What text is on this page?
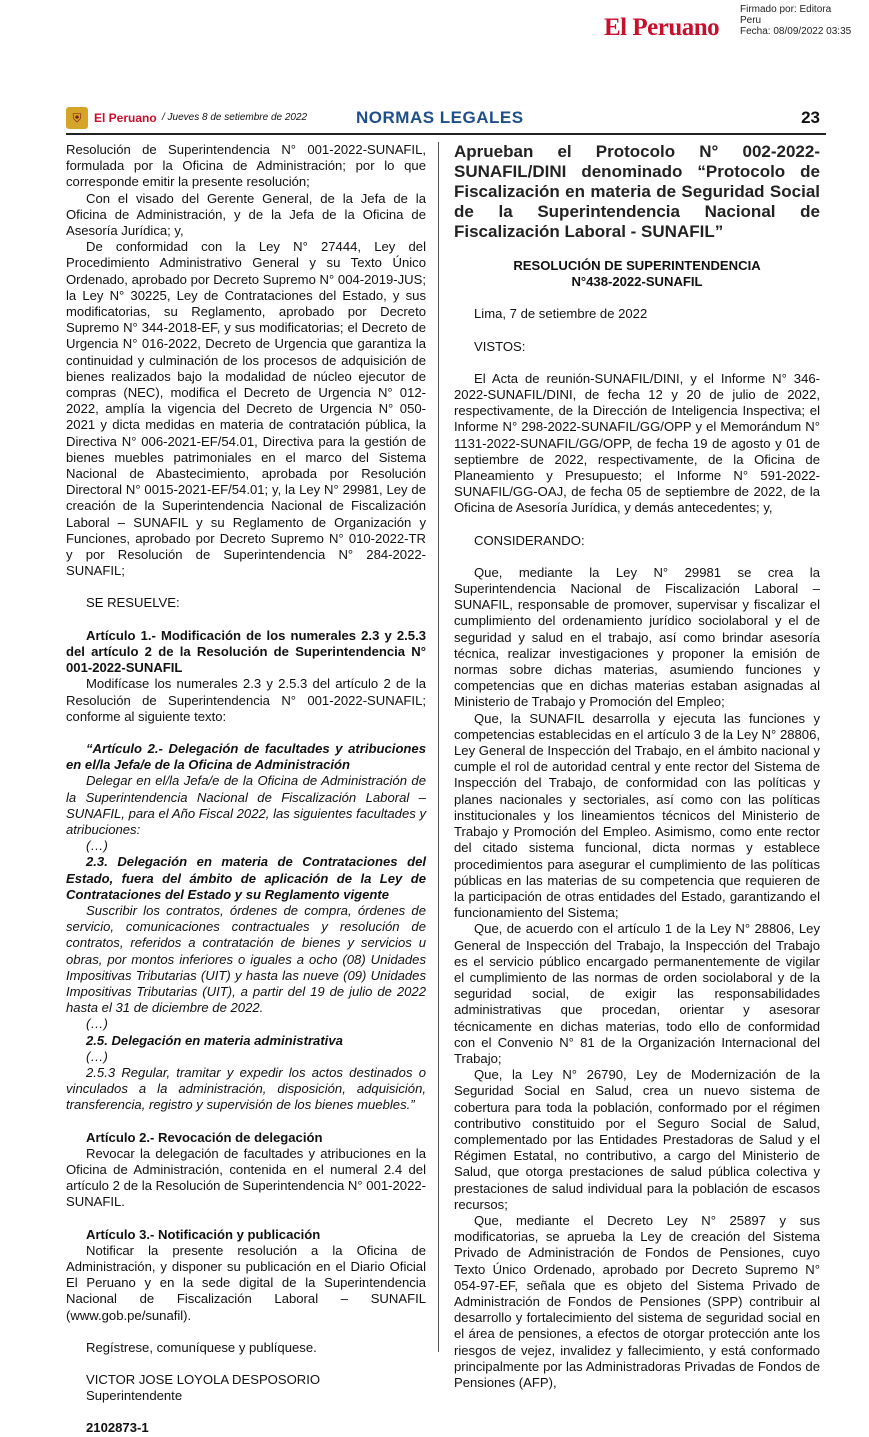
El Peruano
Firmado por: Editora
Peru
Fecha: 08/09/2022 03:35
⛨	El Peruano / Jueves 8 de setiembre de 2022	NORMAS LEGALES	23

Resolución de Superintendencia N° 001-2022-SUNAFIL, formulada por la Oficina de Administración; por lo que corresponde emitir la presente resolución;

Con el visado del Gerente General, de la Jefa de la Oficina de Administración, y de la Jefa de la Oficina de Asesoría Jurídica; y,

De conformidad con la Ley N° 27444, Ley del Procedimiento Administrativo General y su Texto Único Ordenado, aprobado por Decreto Supremo N° 004-2019-JUS; la Ley N° 30225, Ley de Contrataciones del Estado, y sus modificatorias, su Reglamento, aprobado por Decreto Supremo N° 344-2018-EF, y sus modificatorias; el Decreto de Urgencia N° 016-2022, Decreto de Urgencia que garantiza la continuidad y culminación de los procesos de adquisición de bienes realizados bajo la modalidad de núcleo ejecutor de compras (NEC), modifica el Decreto de Urgencia N° 012-2022, amplía la vigencia del Decreto de Urgencia N° 050-2021 y dicta medidas en materia de contratación pública, la Directiva N° 006-2021-EF/54.01, Directiva para la gestión de bienes muebles patrimoniales en el marco del Sistema Nacional de Abastecimiento, aprobada por Resolución Directoral N° 0015-2021-EF/54.01; y, la Ley N° 29981, Ley de creación de la Superintendencia Nacional de Fiscalización Laboral – SUNAFIL y su Reglamento de Organización y Funciones, aprobado por Decreto Supremo N° 010-2022-TR y por Resolución de Superintendencia N° 284-2022-SUNAFIL;

SE RESUELVE:

Artículo 1.- Modificación de los numerales 2.3 y 2.5.3 del artículo 2 de la Resolución de Superintendencia N° 001-2022-SUNAFIL

Modifícase los numerales 2.3 y 2.5.3 del artículo 2 de la Resolución de Superintendencia N° 001-2022-SUNAFIL; conforme al siguiente texto:

“Artículo 2.- Delegación de facultades y atribuciones en el/la Jefa/e de la Oficina de Administración

Delegar en el/la Jefa/e de la Oficina de Administración de la Superintendencia Nacional de Fiscalización Laboral – SUNAFIL, para el Año Fiscal 2022, las siguientes facultades y atribuciones:

(…)

2.3. Delegación en materia de Contrataciones del Estado, fuera del ámbito de aplicación de la Ley de Contrataciones del Estado y su Reglamento vigente

Suscribir los contratos, órdenes de compra, órdenes de servicio, comunicaciones contractuales y resolución de contratos, referidos a contratación de bienes y servicios u obras, por montos inferiores o iguales a ocho (08) Unidades Impositivas Tributarias (UIT) y hasta las nueve (09) Unidades Impositivas Tributarias (UIT), a partir del 19 de julio de 2022 hasta el 31 de diciembre de 2022.

(…)

2.5. Delegación en materia administrativa

(…)

2.5.3 Regular, tramitar y expedir los actos destinados o vinculados a la administración, disposición, adquisición, transferencia, registro y supervisión de los bienes muebles.”

Artículo 2.- Revocación de delegación

Revocar la delegación de facultades y atribuciones en la Oficina de Administración, contenida en el numeral 2.4 del artículo 2 de la Resolución de Superintendencia N° 001-2022-SUNAFIL.

Artículo 3.- Notificación y publicación

Notificar la presente resolución a la Oficina de Administración, y disponer su publicación en el Diario Oficial El Peruano y en la sede digital de la Superintendencia Nacional de Fiscalización Laboral – SUNAFIL (www.gob.pe/sunafil).

Regístrese, comuníquese y publíquese.

VICTOR JOSE LOYOLA DESPOSORIO

Superintendente

2102873-1

Aprueban el Protocolo N° 002-2022-SUNAFIL/DINI denominado “Protocolo de Fiscalización en materia de Seguridad Social de la Superintendencia Nacional de Fiscalización Laboral - SUNAFIL”

RESOLUCIÓN DE SUPERINTENDENCIA

N°438-2022-SUNAFIL

Lima, 7 de setiembre de 2022

VISTOS:

El Acta de reunión-SUNAFIL/DINI, y el Informe N° 346-2022-SUNAFIL/DINI, de fecha 12 y 20 de julio de 2022, respectivamente, de la Dirección de Inteligencia Inspectiva; el Informe N° 298-2022-SUNAFIL/GG/OPP y el Memorándum N° 1131-2022-SUNAFIL/GG/OPP, de fecha 19 de agosto y 01 de septiembre de 2022, respectivamente, de la Oficina de Planeamiento y Presupuesto; el Informe N° 591-2022-SUNAFIL/GG-OAJ, de fecha 05 de septiembre de 2022, de la Oficina de Asesoría Jurídica, y demás antecedentes; y,

CONSIDERANDO:

Que, mediante la Ley N° 29981 se crea la Superintendencia Nacional de Fiscalización Laboral – SUNAFIL, responsable de promover, supervisar y fiscalizar el cumplimiento del ordenamiento jurídico sociolaboral y el de seguridad y salud en el trabajo, así como brindar asesoría técnica, realizar investigaciones y proponer la emisión de normas sobre dichas materias, asumiendo funciones y competencias que en dichas materias estaban asignadas al Ministerio de Trabajo y Promoción del Empleo;

Que, la SUNAFIL desarrolla y ejecuta las funciones y competencias establecidas en el artículo 3 de la Ley N° 28806, Ley General de Inspección del Trabajo, en el ámbito nacional y cumple el rol de autoridad central y ente rector del Sistema de Inspección del Trabajo, de conformidad con las políticas y planes nacionales y sectoriales, así como con las políticas institucionales y los lineamientos técnicos del Ministerio de Trabajo y Promoción del Empleo. Asimismo, como ente rector del citado sistema funcional, dicta normas y establece procedimientos para asegurar el cumplimiento de las políticas públicas en las materias de su competencia que requieren de la participación de otras entidades del Estado, garantizando el funcionamiento del Sistema;

Que, de acuerdo con el artículo 1 de la Ley N° 28806, Ley General de Inspección del Trabajo, la Inspección del Trabajo es el servicio público encargado permanentemente de vigilar el cumplimiento de las normas de orden sociolaboral y de la seguridad social, de exigir las responsabilidades administrativas que procedan, orientar y asesorar técnicamente en dichas materias, todo ello de conformidad con el Convenio N° 81 de la Organización Internacional del Trabajo;

Que, la Ley N° 26790, Ley de Modernización de la Seguridad Social en Salud, crea un nuevo sistema de cobertura para toda la población, conformado por el régimen contributivo constituido por el Seguro Social de Salud, complementado por las Entidades Prestadoras de Salud y el Régimen Estatal, no contributivo, a cargo del Ministerio de Salud, que otorga prestaciones de salud pública colectiva y prestaciones de salud individual para la población de escasos recursos;

Que, mediante el Decreto Ley N° 25897 y sus modificatorias, se aprueba la Ley de creación del Sistema Privado de Administración de Fondos de Pensiones, cuyo Texto Único Ordenado, aprobado por Decreto Supremo N° 054-97-EF, señala que es objeto del Sistema Privado de Administración de Fondos de Pensiones (SPP) contribuir al desarrollo y fortalecimiento del sistema de seguridad social en el área de pensiones, a efectos de otorgar protección ante los riesgos de vejez, invalidez y fallecimiento, y está conformado principalmente por las Administradoras Privadas de Fondos de Pensiones (AFP),
